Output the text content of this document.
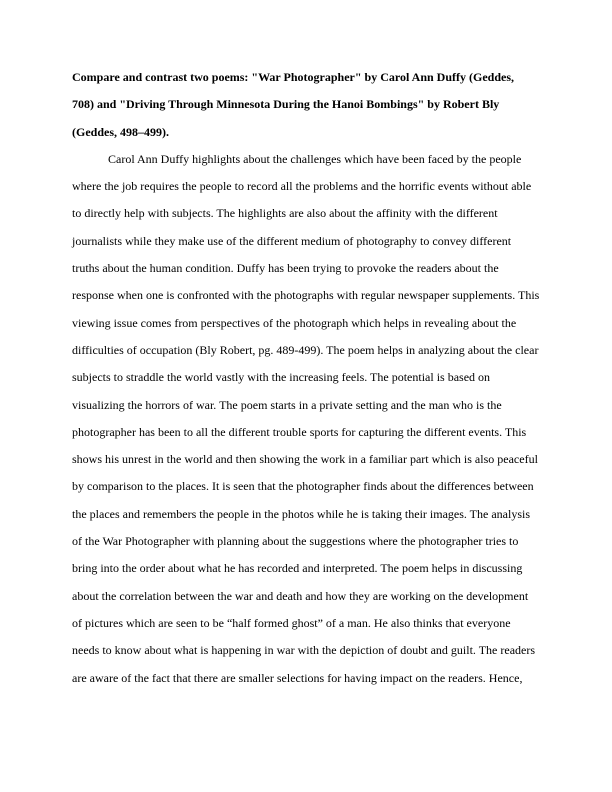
Compare and contrast two poems: "War Photographer" by Carol Ann Duffy (Geddes,
708) and "Driving Through Minnesota During the Hanoi Bombings" by Robert Bly
(Geddes, 498–499).
Carol Ann Duffy highlights about the challenges which have been faced by the people
where the job requires the people to record all the problems and the horrific events without able
to directly help with subjects. The highlights are also about the affinity with the different
journalists while they make use of the different medium of photography to convey different
truths about the human condition. Duffy has been trying to provoke the readers about the
response when one is confronted with the photographs with regular newspaper supplements. This
viewing issue comes from perspectives of the photograph which helps in revealing about the
difficulties of occupation (Bly Robert, pg. 489-499). The poem helps in analyzing about the clear
subjects to straddle the world vastly with the increasing feels. The potential is based on
visualizing the horrors of war. The poem starts in a private setting and the man who is the
photographer has been to all the different trouble sports for capturing the different events. This
shows his unrest in the world and then showing the work in a familiar part which is also peaceful
by comparison to the places. It is seen that the photographer finds about the differences between
the places and remembers the people in the photos while he is taking their images. The analysis
of the War Photographer with planning about the suggestions where the photographer tries to
bring into the order about what he has recorded and interpreted. The poem helps in discussing
about the correlation between the war and death and how they are working on the development
of pictures which are seen to be “half formed ghost” of a man. He also thinks that everyone
needs to know about what is happening in war with the depiction of doubt and guilt. The readers
are aware of the fact that there are smaller selections for having impact on the readers. Hence,
